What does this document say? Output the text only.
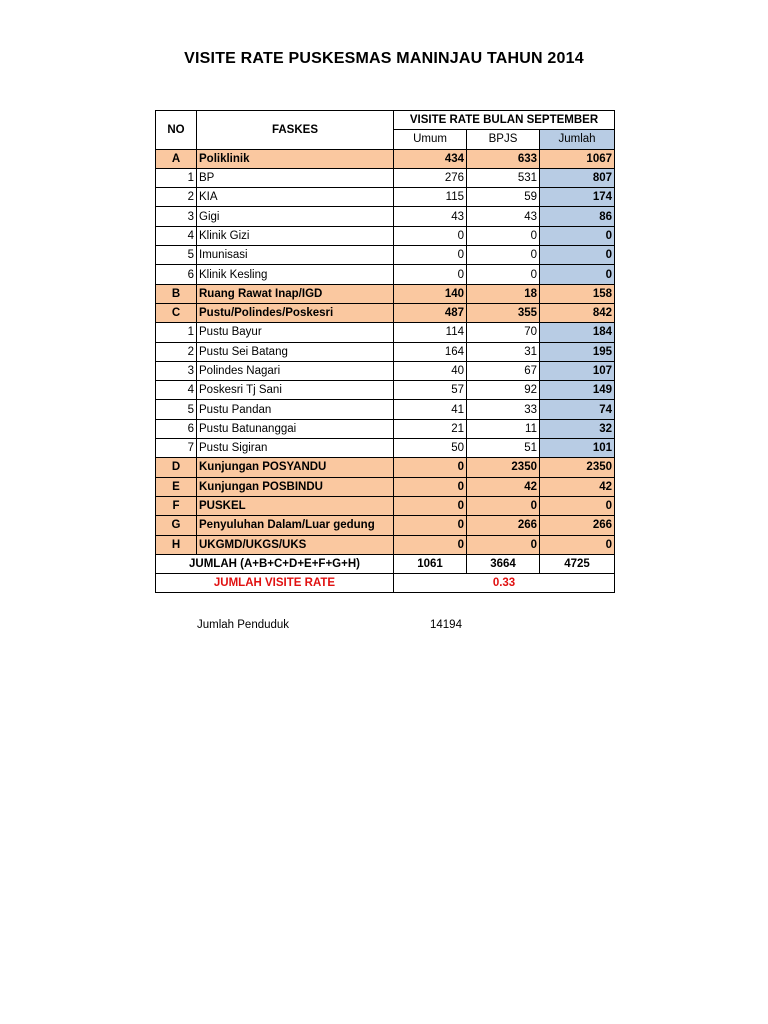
VISITE RATE PUSKESMAS MANINJAU TAHUN 2014
NO	FASKES	VISITE RATE BULAN SEPTEMBER		
		Umum	BPJS	Jumlah
A	Poliklinik	434	633	1067
1	BP	276	531	807
2	KIA	115	59	174
3	Gigi	43	43	86
4	Klinik Gizi	0	0	0
5	Imunisasi	0	0	0
6	Klinik Kesling	0	0	0
B	Ruang Rawat Inap/IGD	140	18	158
C	Pustu/Polindes/Poskesri	487	355	842
1	Pustu Bayur	114	70	184
2	Pustu Sei Batang	164	31	195
3	Polindes Nagari	40	67	107
4	Poskesri Tj Sani	57	92	149
5	Pustu Pandan	41	33	74
6	Pustu Batunanggai	21	11	32
7	Pustu Sigiran	50	51	101
D	Kunjungan POSYANDU	0	2350	2350
E	Kunjungan POSBINDU	0	42	42
F	PUSKEL	0	0	0
G	Penyuluhan Dalam/Luar gedung	0	266	266
H	UKGMD/UKGS/UKS	0	0	0
JUMLAH (A+B+C+D+E+F+G+H)		1061	3664	4725
JUMLAH VISITE RATE		0.33		
Jumlah Penduduk	14194
